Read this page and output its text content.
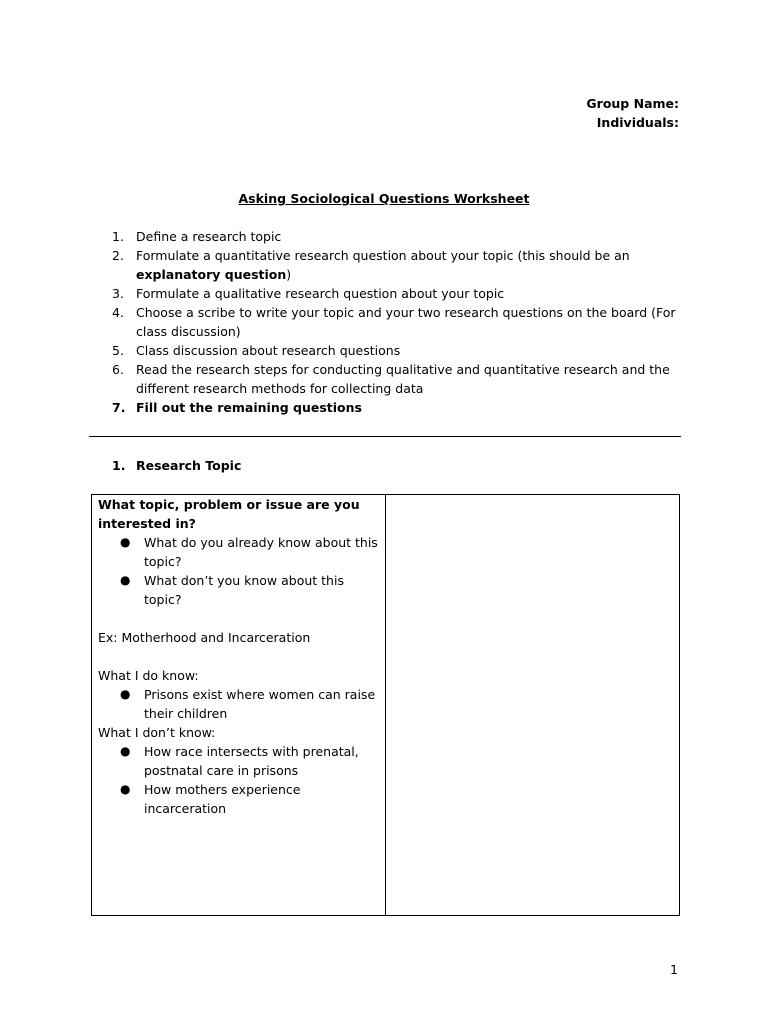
Group Name:
Individuals:
Asking Sociological Questions Worksheet
1. Define a research topic
2. Formulate a quantitative research question about your topic (this should be an explanatory question)
3. Formulate a qualitative research question about your topic
4. Choose a scribe to write your topic and your two research questions on the board (For class discussion)
5. Class discussion about research questions
6. Read the research steps for conducting qualitative and quantitative research and the different research methods for collecting data
7. Fill out the remaining questions
1. Research Topic
What topic, problem or issue are you interested in?
● What do you already know about this topic?
● What don’t you know about this topic?
Ex: Motherhood and Incarceration
What I do know:
● Prisons exist where women can raise their children
What I don’t know:
● How race intersects with prenatal, postnatal care in prisons
● How mothers experience incarceration
1
